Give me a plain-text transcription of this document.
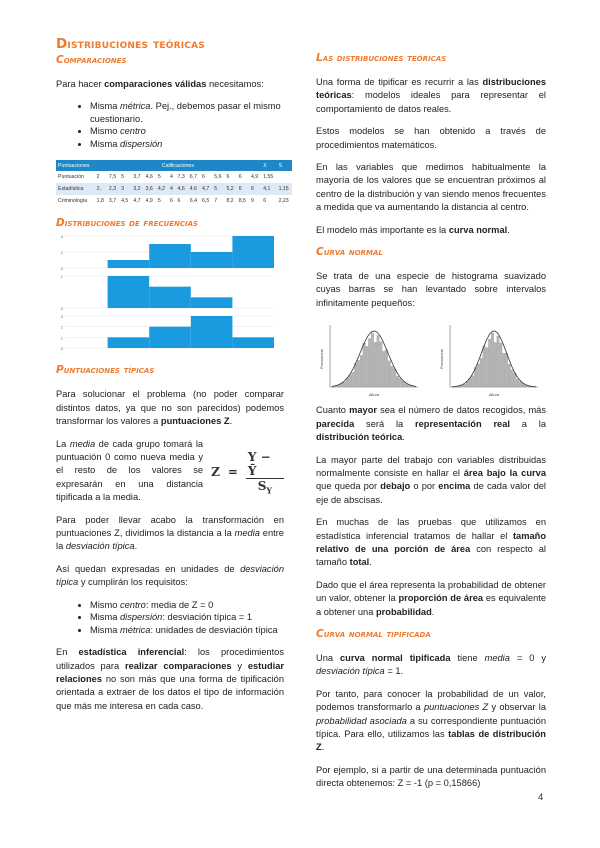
Distribuciones teóricas
Comparaciones

Para hacer comparaciones válidas necesitamos:

• Misma métrica. Pej., debemos pasar el mismo cuestionario.
• Mismo centro
• Misma dispersión
Puntuaciones	Calificaciones														X	S
Puntuación	2	7,5	5	3,7	4,6	5	4	7,3	6,7	6	5,6	6	6	4,9	1,55	
Estadística	2,	2,3	3	3,2	3,6	4,2	4	4,6	4,6	4,7	5	5,2	6	6	4,1	1,15
Criminología	1,8	3,7	4,5	4,7	4,9	5	6	6	6,4	6,5	7	8,2	8,5	9	6	2,23
Distribuciones de frecuencias
4
2
0
1
0
3
2
1
0
Puntuaciones típicas

Para solucionar el problema (no poder comparar distintos datos, ya que no son parecidos) podemos transformar los valores a puntuaciones Z.

La media de cada grupo tomará la puntuación 0 como nueva media y el resto de los valores se expresarán en una distancia tipificada a la media.

$Z = \frac{Y - Ȳ}{S_Y}$

Para poder llevar acabo la transformación en puntuaciones Z, dividimos la distancia a la media entre la desviación típica.

Así quedan expresadas en unidades de desviación típica y cumplirán los requisitos:

• Mismo centro: media de Z = 0
• Misma dispersión: desviación típica = 1
• Misma métrica: unidades de desviación típica

En estadística inferencial: los procedimientos utilizados para realizar comparaciones y estudiar relaciones no son más que una forma de tipificación orientada a extraer de los datos el tipo de información que más me interesa en cada caso.

Las distribuciones teóricas

Una forma de tipificar es recurrir a las distribuciones teóricas: modelos ideales para representar el comportamiento de datos reales.

Estos modelos se han obtenido a través de procedimientos matemáticos.

En las variables que medimos habitualmente la mayoría de los valores que se encuentran próximos al centro de la distribución y van siendo menos frecuentes a medida que va aumentando la distancia al centro.

El modelo más importante es la curva normal.

Curva normal

Se trata de una especie de histograma suavizado cuyas barras se han levantado sobre intervalos infinitamente pequeños:

Frecuencia
Altura
Frecuencia
Altura

Cuanto mayor sea el número de datos recogidos, más parecida será la representación real a la distribución teórica.

La mayor parte del trabajo con variables distribuidas normalmente consiste en hallar el área bajo la curva que queda por debajo o por encima de cada valor del eje de abscisas.

En muchas de las pruebas que utilizamos en estadística inferencial tratamos de hallar el tamaño relativo de una porción de área con respecto al tamaño total.

Dado que el área representa la probabilidad de obtener un valor, obtener la proporción de área es equivalente a obtener una probabilidad.

Curva normal tipificada

Una curva normal tipificada tiene media = 0 y desviación típica = 1.

Por tanto, para conocer la probabilidad de un valor, podemos transformarlo a puntuaciones Z y observar la probabilidad asociada a su correspondiente puntuación típica. Para ello, utilizamos las tablas de distribución Z.

Por ejemplo, si a partir de una determinada puntuación directa obtenemos: Z = -1 (p = 0,15866)

4
